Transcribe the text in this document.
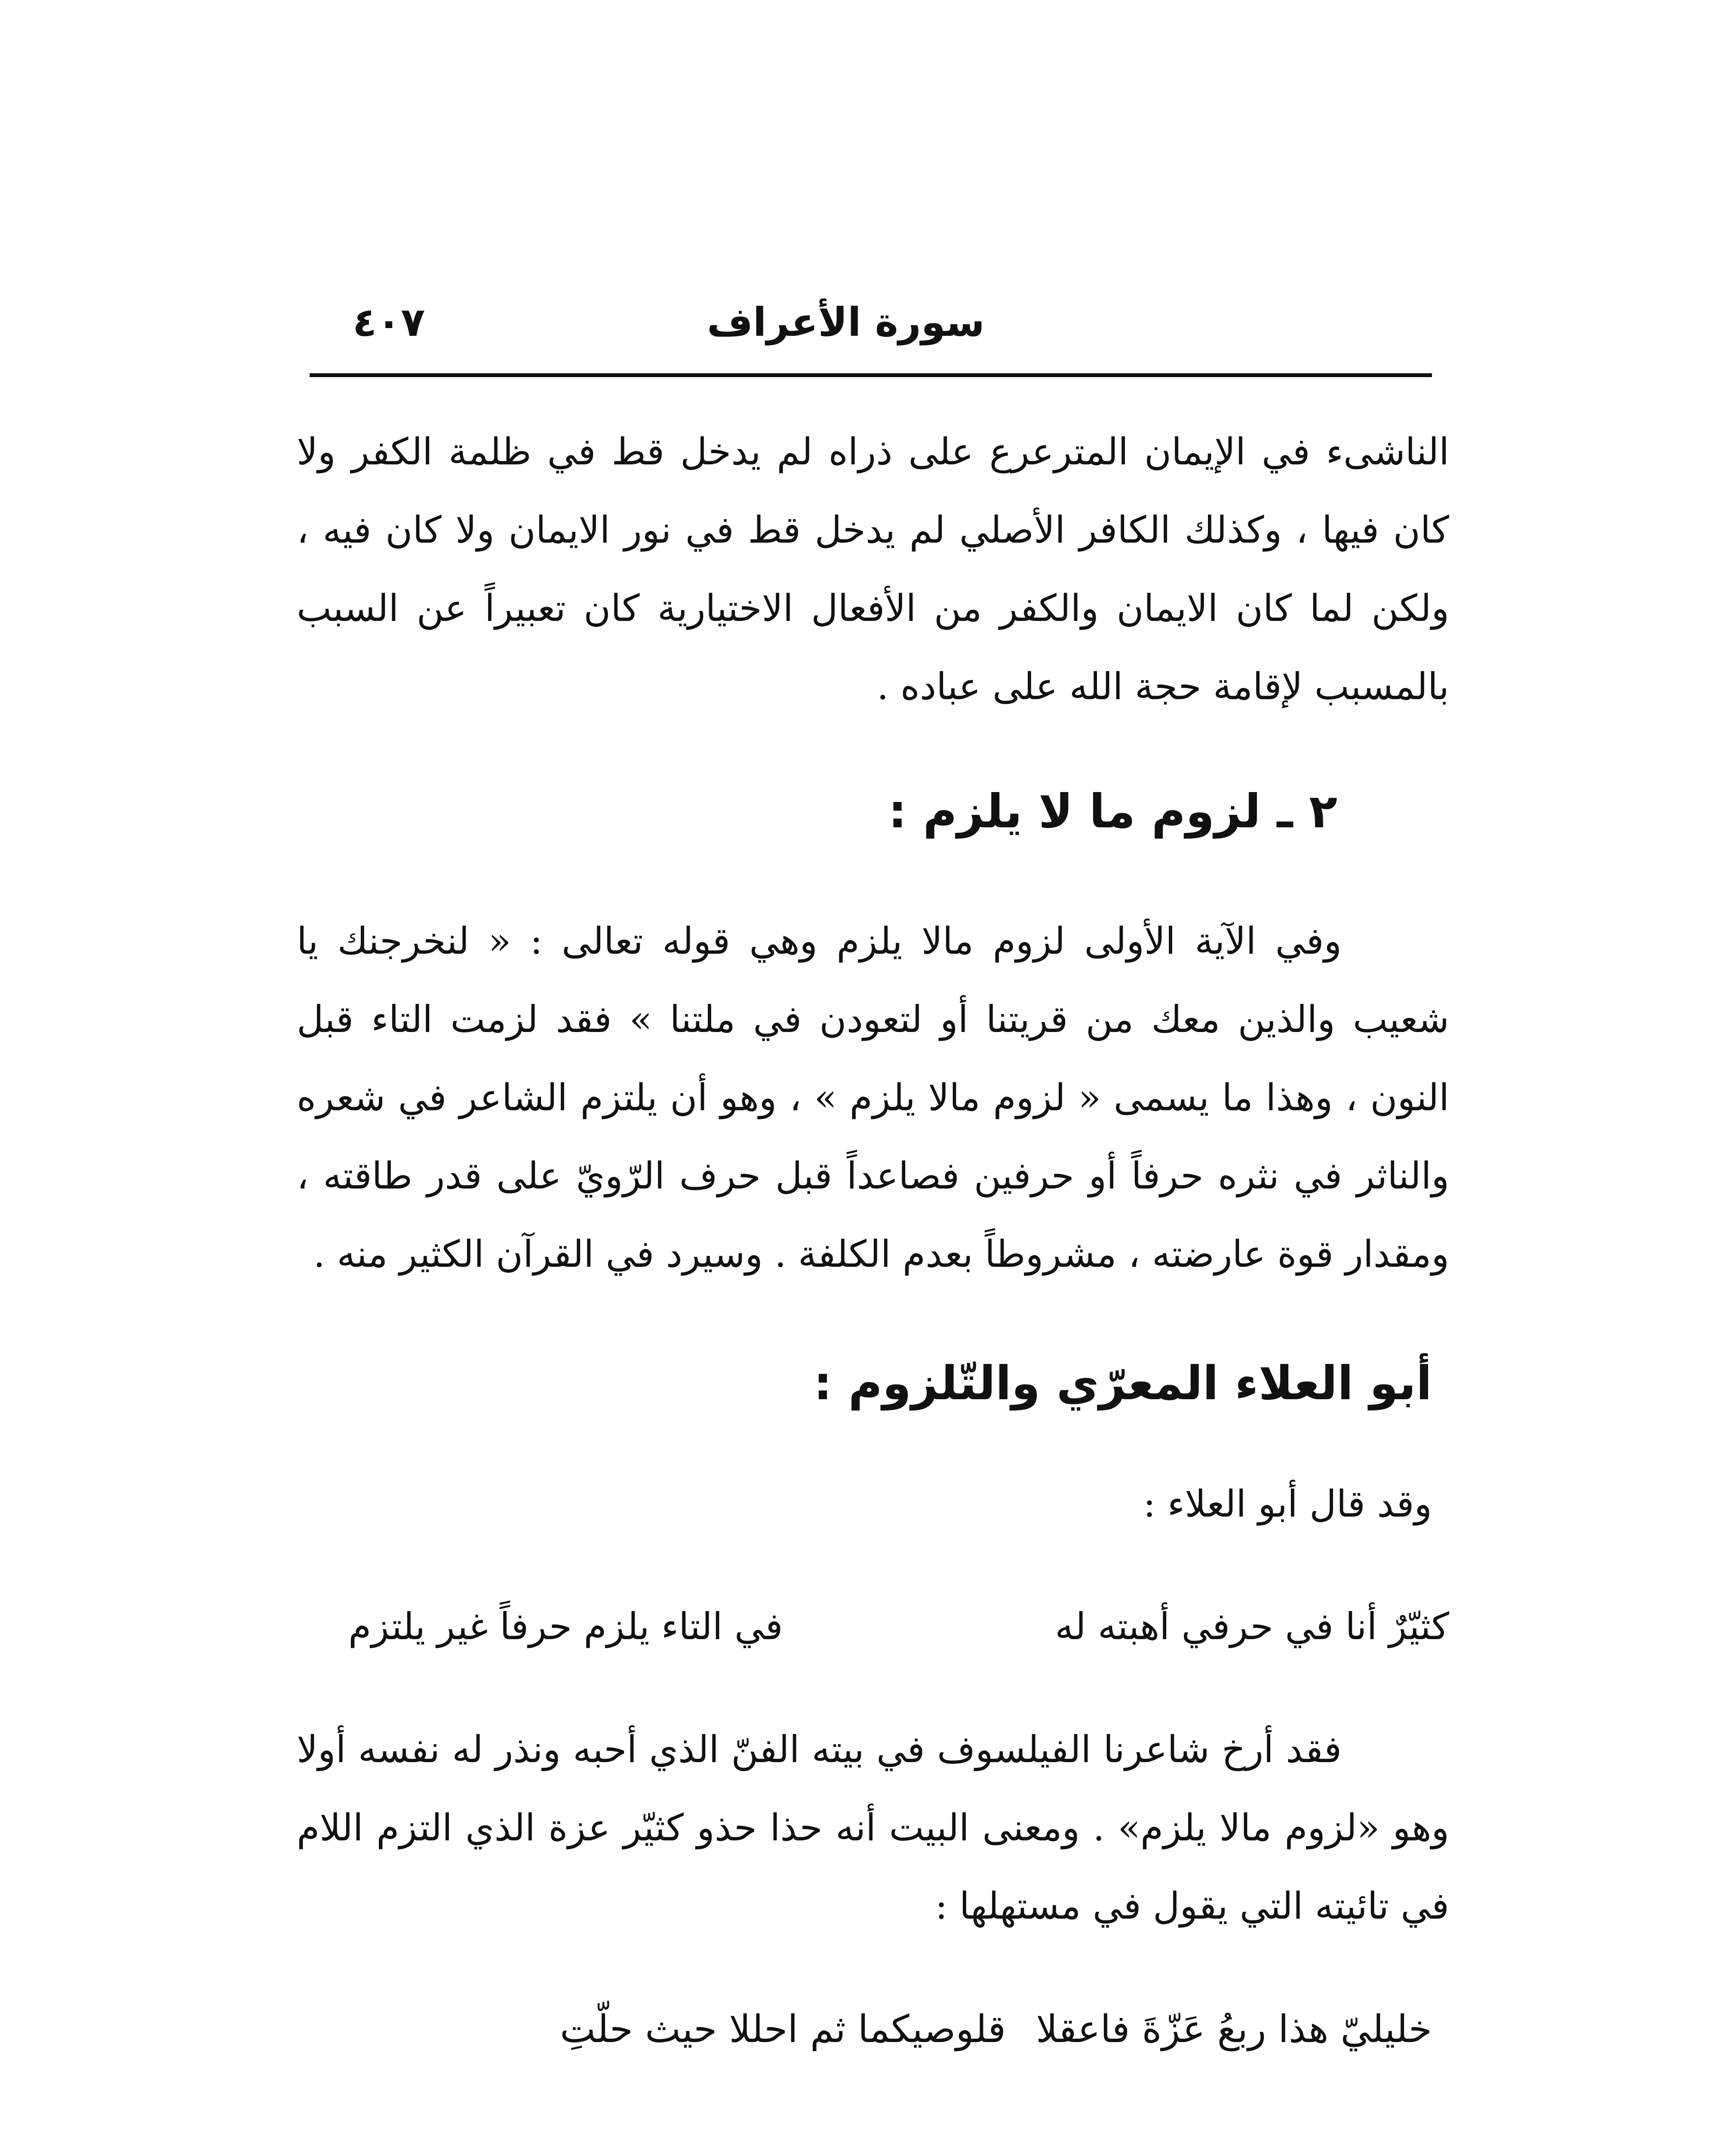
سورة الأعراف
٤٠٧

الناشىء في الإيمان المترعرع على ذراه لم يدخل قط في ظلمة الكفر ولا كان فيها ، وكذلك الكافر الأصلي لم يدخل قط في نور الايمان ولا كان فيه ، ولكن لما كان الايمان والكفر من الأفعال الاختيارية كان تعبيراً عن السبب بالمسبب لإقامة حجة الله على عباده .

٢ ـ لزوم ما لا يلزم :

وفي الآية الأولى لزوم مالا يلزم وهي قوله تعالى : « لنخرجنك يا شعيب والذين معك من قريتنا أو لتعودن في ملتنا » فقد لزمت التاء قبل النون ، وهذا ما يسمى « لزوم مالا يلزم » ، وهو أن يلتزم الشاعر في شعره والناثر في نثره حرفاً أو حرفين فصاعداً قبل حرف الرّويّ على قدر طاقته ، ومقدار قوة عارضته ، مشروطاً بعدم الكلفة . وسيرد في القرآن الكثير منه .

أبو العلاء المعرّي والتّلزوم :

وقد قال أبو العلاء :

كثيّرٌ أنا في حرفي أهبته له
في التاء يلزم حرفاً غير يلتزم

فقد أرخ شاعرنا الفيلسوف في بيته الفنّ الذي أحبه ونذر له نفسه أولا وهو «لزوم مالا يلزم» . ومعنى البيت أنه حذا حذو كثيّر عزة الذي التزم اللام في تائيته التي يقول في مستهلها :

خليليّ هذا ربعُ عَزّةَ فاعقلا
قلوصيكما ثم احللا حيث حلّتِ
